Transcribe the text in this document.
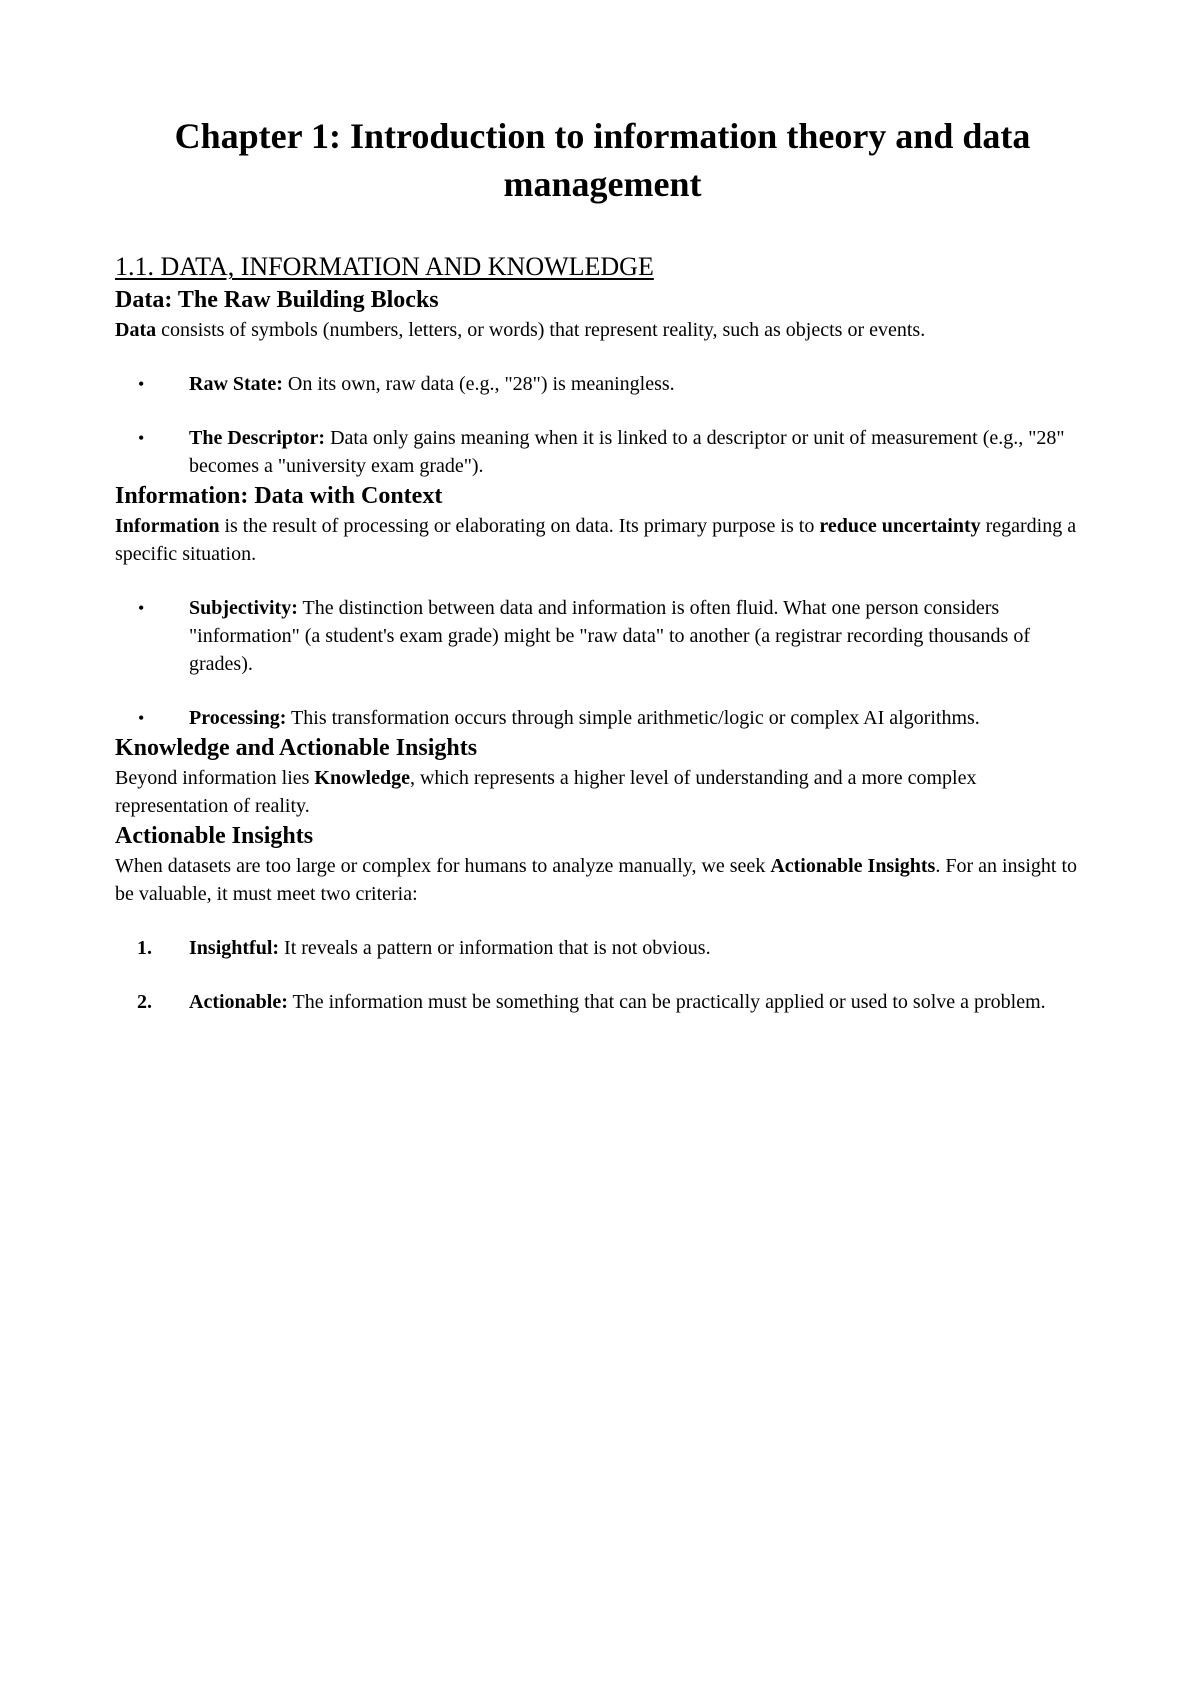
Chapter 1: Introduction to information theory and data management
1.1. DATA, INFORMATION AND KNOWLEDGE
Data: The Raw Building Blocks

Data consists of symbols (numbers, letters, or words) that represent reality, such as objects or events.

• Raw State: On its own, raw data (e.g., "28") is meaningless.
• The Descriptor: Data only gains meaning when it is linked to a descriptor or unit of measurement (e.g., "28" becomes a "university exam grade").
Information: Data with Context

Information is the result of processing or elaborating on data. Its primary purpose is to reduce uncertainty regarding a specific situation.

• Subjectivity: The distinction between data and information is often fluid. What one person considers "information" (a student's exam grade) might be "raw data" to another (a registrar recording thousands of grades).
• Processing: This transformation occurs through simple arithmetic/logic or complex AI algorithms.
Knowledge and Actionable Insights

Beyond information lies Knowledge, which represents a higher level of understanding and a more complex representation of reality.

Actionable Insights

When datasets are too large or complex for humans to analyze manually, we seek Actionable Insights. For an insight to be valuable, it must meet two criteria:

1. Insightful: It reveals a pattern or information that is not obvious.
2. Actionable: The information must be something that can be practically applied or used to solve a problem.
